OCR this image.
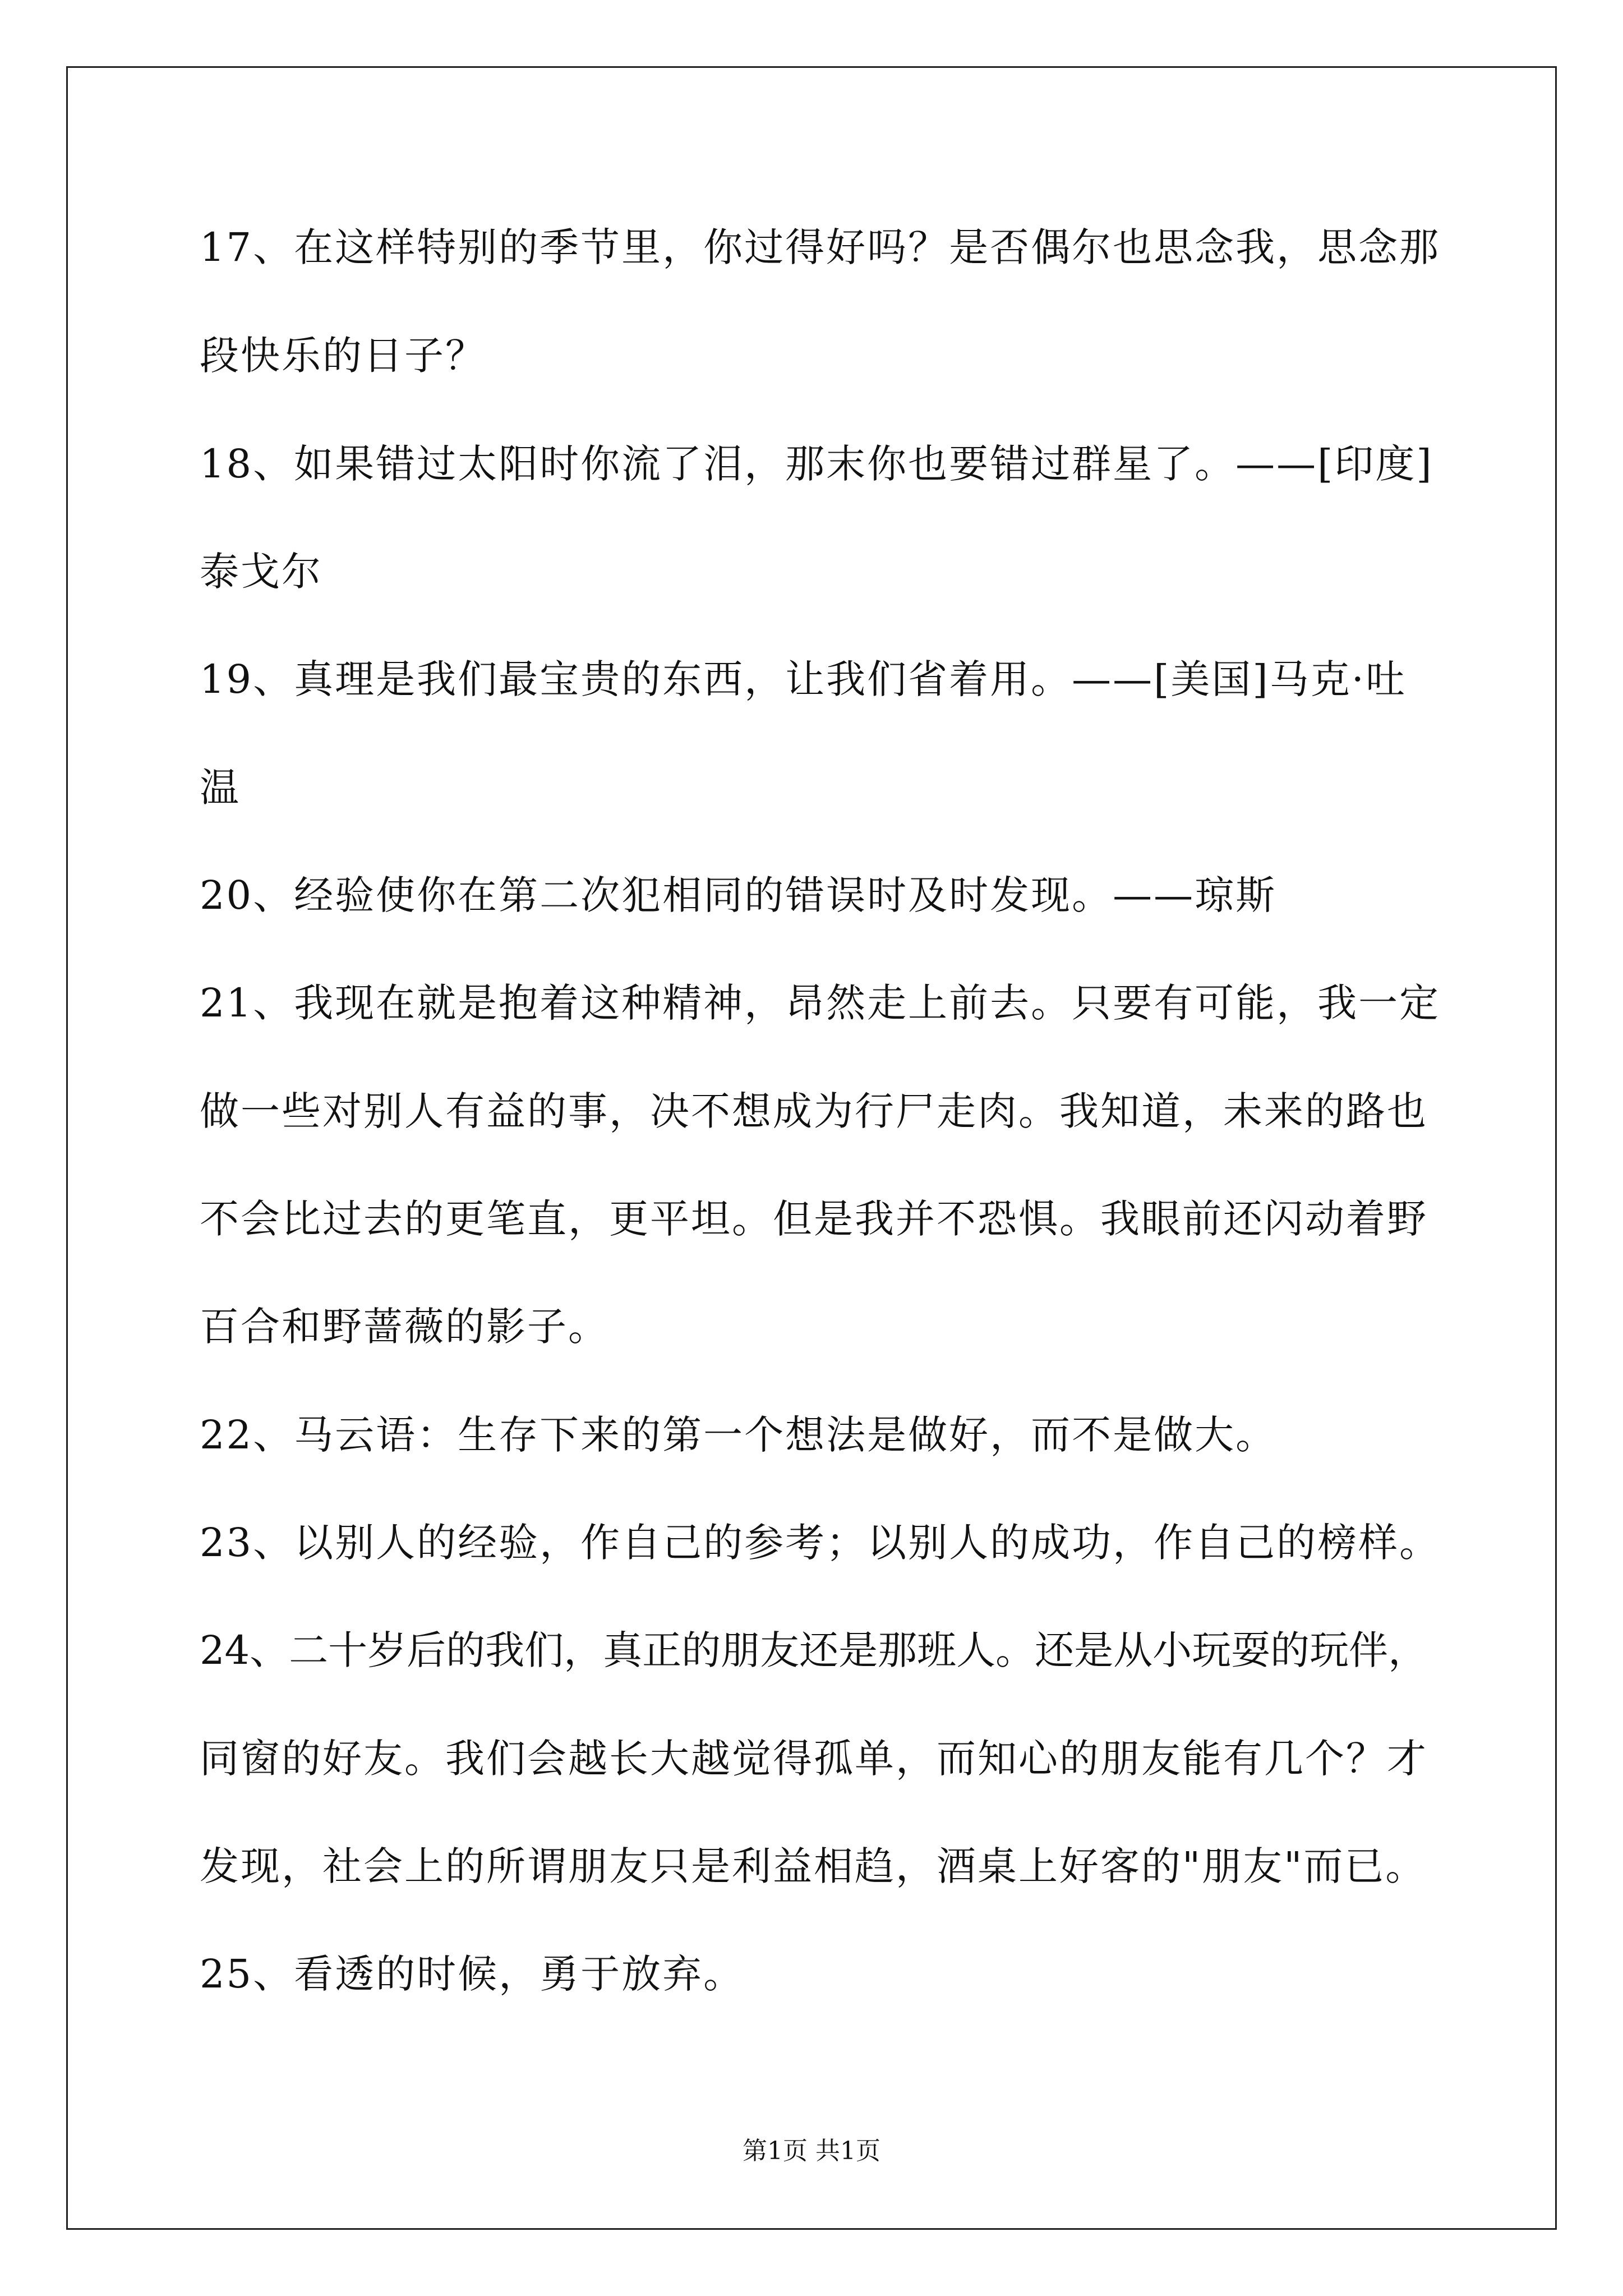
17、在这样特别的季节里，你过得好吗？是否偶尔也思念我，思念那
段快乐的日子？
18、如果错过太阳时你流了泪，那末你也要错过群星了。——[印度]
泰戈尔
19、真理是我们最宝贵的东西，让我们省着用。——[美国]马克·吐
温
20、经验使你在第二次犯相同的错误时及时发现。——琼斯
21、我现在就是抱着这种精神，昂然走上前去。只要有可能，我一定
做一些对别人有益的事，决不想成为行尸走肉。我知道，未来的路也
不会比过去的更笔直，更平坦。但是我并不恐惧。我眼前还闪动着野
百合和野蔷薇的影子。
22、马云语：生存下来的第一个想法是做好，而不是做大。
23、以别人的经验，作自己的参考；以别人的成功，作自己的榜样。
24、二十岁后的我们，真正的朋友还是那班人。还是从小玩耍的玩伴，
同窗的好友。我们会越长大越觉得孤单，而知心的朋友能有几个？才
发现，社会上的所谓朋友只是利益相趋，酒桌上好客的"朋友"而已。
25、看透的时候，勇于放弃。
第1页 共1页
